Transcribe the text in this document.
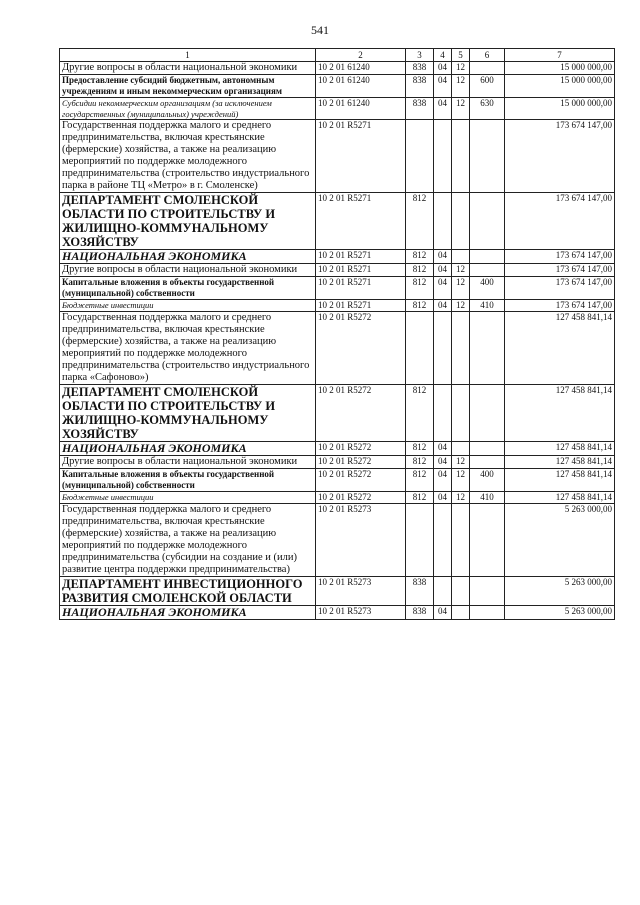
541
1	2	3	4	5	6	7
Другие вопросы в области национальной экономики	10 2 01 61240	838	04	12		15 000 000,00
Предоставление субсидий бюджетным, автономным учреждениям и иным некоммерческим организациям	10 2 01 61240	838	04	12	600	15 000 000,00
Субсидии некоммерческим организациям (за исключением государственных (муниципальных) учреждений)	10 2 01 61240	838	04	12	630	15 000 000,00
Государственная поддержка малого и среднего предпринимательства, включая крестьянские (фермерские) хозяйства, а также на реализацию мероприятий по поддержке молодежного предпринимательства (строительство индустриального парка в районе ТЦ «Метро» в г. Смоленске)	10 2 01 R5271					173 674 147,00
ДЕПАРТАМЕНТ СМОЛЕНСКОЙ ОБЛАСТИ ПО СТРОИТЕЛЬСТВУ И ЖИЛИЩНО-КОММУНАЛЬНОМУ ХОЗЯЙСТВУ	10 2 01 R5271	812				173 674 147,00
НАЦИОНАЛЬНАЯ ЭКОНОМИКА	10 2 01 R5271	812	04			173 674 147,00
Другие вопросы в области национальной экономики	10 2 01 R5271	812	04	12		173 674 147,00
Капитальные вложения в объекты государственной (муниципальной) собственности	10 2 01 R5271	812	04	12	400	173 674 147,00
Бюджетные инвестиции	10 2 01 R5271	812	04	12	410	173 674 147,00
Государственная поддержка малого и среднего предпринимательства, включая крестьянские (фермерские) хозяйства, а также на реализацию мероприятий по поддержке молодежного предпринимательства (строительство индустриального парка «Сафоново»)	10 2 01 R5272					127 458 841,14
ДЕПАРТАМЕНТ СМОЛЕНСКОЙ ОБЛАСТИ ПО СТРОИТЕЛЬСТВУ И ЖИЛИЩНО-КОММУНАЛЬНОМУ ХОЗЯЙСТВУ	10 2 01 R5272	812				127 458 841,14
НАЦИОНАЛЬНАЯ ЭКОНОМИКА	10 2 01 R5272	812	04			127 458 841,14
Другие вопросы в области национальной экономики	10 2 01 R5272	812	04	12		127 458 841,14
Капитальные вложения в объекты государственной (муниципальной) собственности	10 2 01 R5272	812	04	12	400	127 458 841,14
Бюджетные инвестиции	10 2 01 R5272	812	04	12	410	127 458 841,14
Государственная поддержка малого и среднего предпринимательства, включая крестьянские (фермерские) хозяйства, а также на реализацию мероприятий по поддержке молодежного предпринимательства (субсидии на создание и (или) развитие центра поддержки предпринимательства)	10 2 01 R5273					5 263 000,00
ДЕПАРТАМЕНТ ИНВЕСТИЦИОННОГО РАЗВИТИЯ СМОЛЕНСКОЙ ОБЛАСТИ	10 2 01 R5273	838				5 263 000,00
НАЦИОНАЛЬНАЯ ЭКОНОМИКА	10 2 01 R5273	838	04			5 263 000,00
